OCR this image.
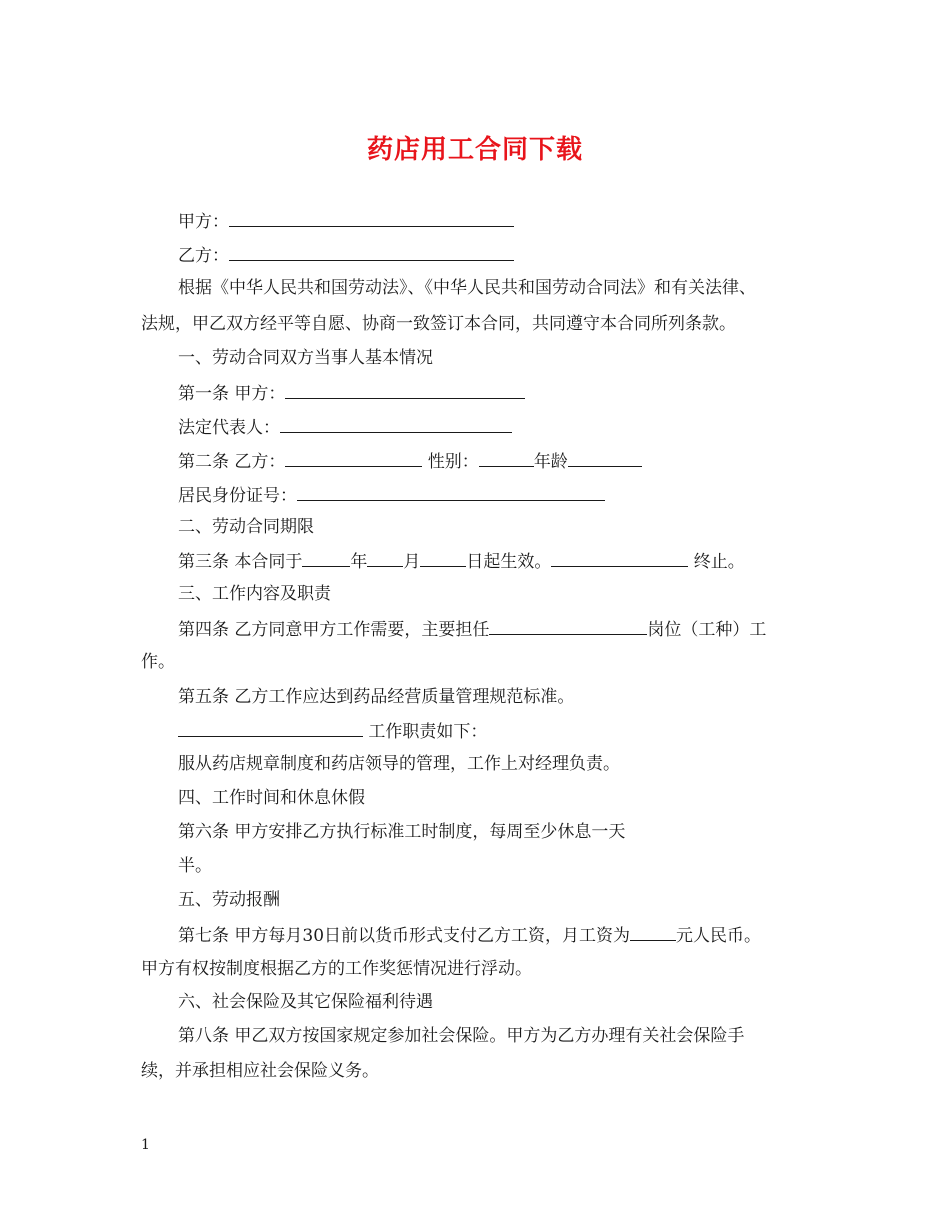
药店用工合同下载
甲方：
乙方：
根据《中华人民共和国劳动法》、《中华人民共和国劳动合同法》和有关法律、
法规，甲乙双方经平等自愿、协商一致签订本合同，共同遵守本合同所列条款。
一、劳动合同双方当事人基本情况
第一条 甲方：
法定代表人：
第二条 乙方：	性别：	年龄
居民身份证号：
二、劳动合同期限
第三条 本合同于	年 月	日起生效。	终止。
三、工作内容及职责
第四条 乙方同意甲方工作需要，主要担任	岗位（工种）工
作。
第五条 乙方工作应达到药品经营质量管理规范标准。
工作职责如下：
服从药店规章制度和药店领导的管理，工作上对经理负责。
四、工作时间和休息休假
第六条 甲方安排乙方执行标准工时制度，每周至少休息一天
半。
五、劳动报酬
第七条 甲方每月30日前以货币形式支付乙方工资，月工资为	元人民币。
甲方有权按制度根据乙方的工作奖惩情况进行浮动。
六、社会保险及其它保险福利待遇
第八条 甲乙双方按国家规定参加社会保险。甲方为乙方办理有关社会保险手
续，并承担相应社会保险义务。
1
